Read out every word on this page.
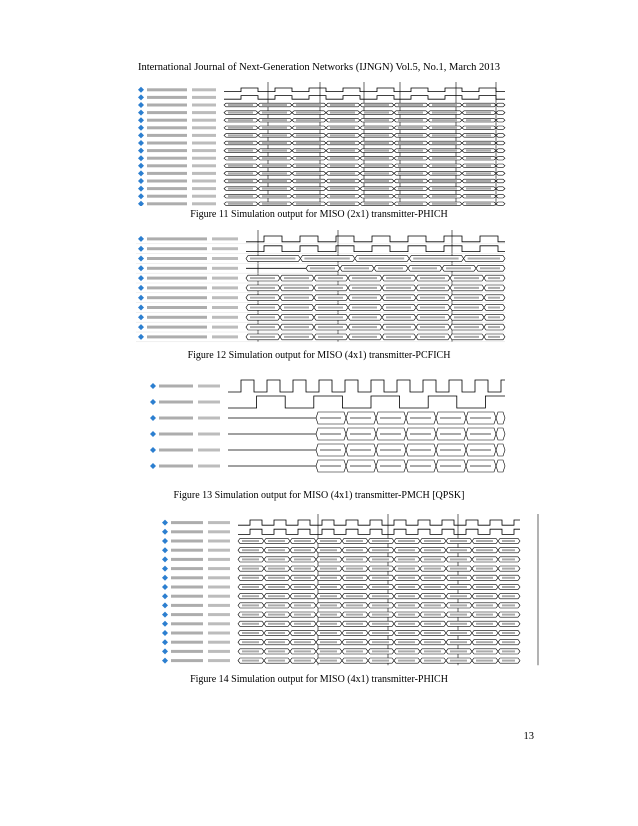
International Journal of Next-Generation Networks (IJNGN) Vol.5, No.1, March 2013
Figure 11 Simulation output for MISO (2x1) transmitter-PHICH
Figure 12 Simulation output for MISO (4x1) transmitter-PCFICH
Figure 13 Simulation output for MISO (4x1) transmitter-PMCH [QPSK]
Figure 14 Simulation output for MISO (4x1) transmitter-PHICH
13
